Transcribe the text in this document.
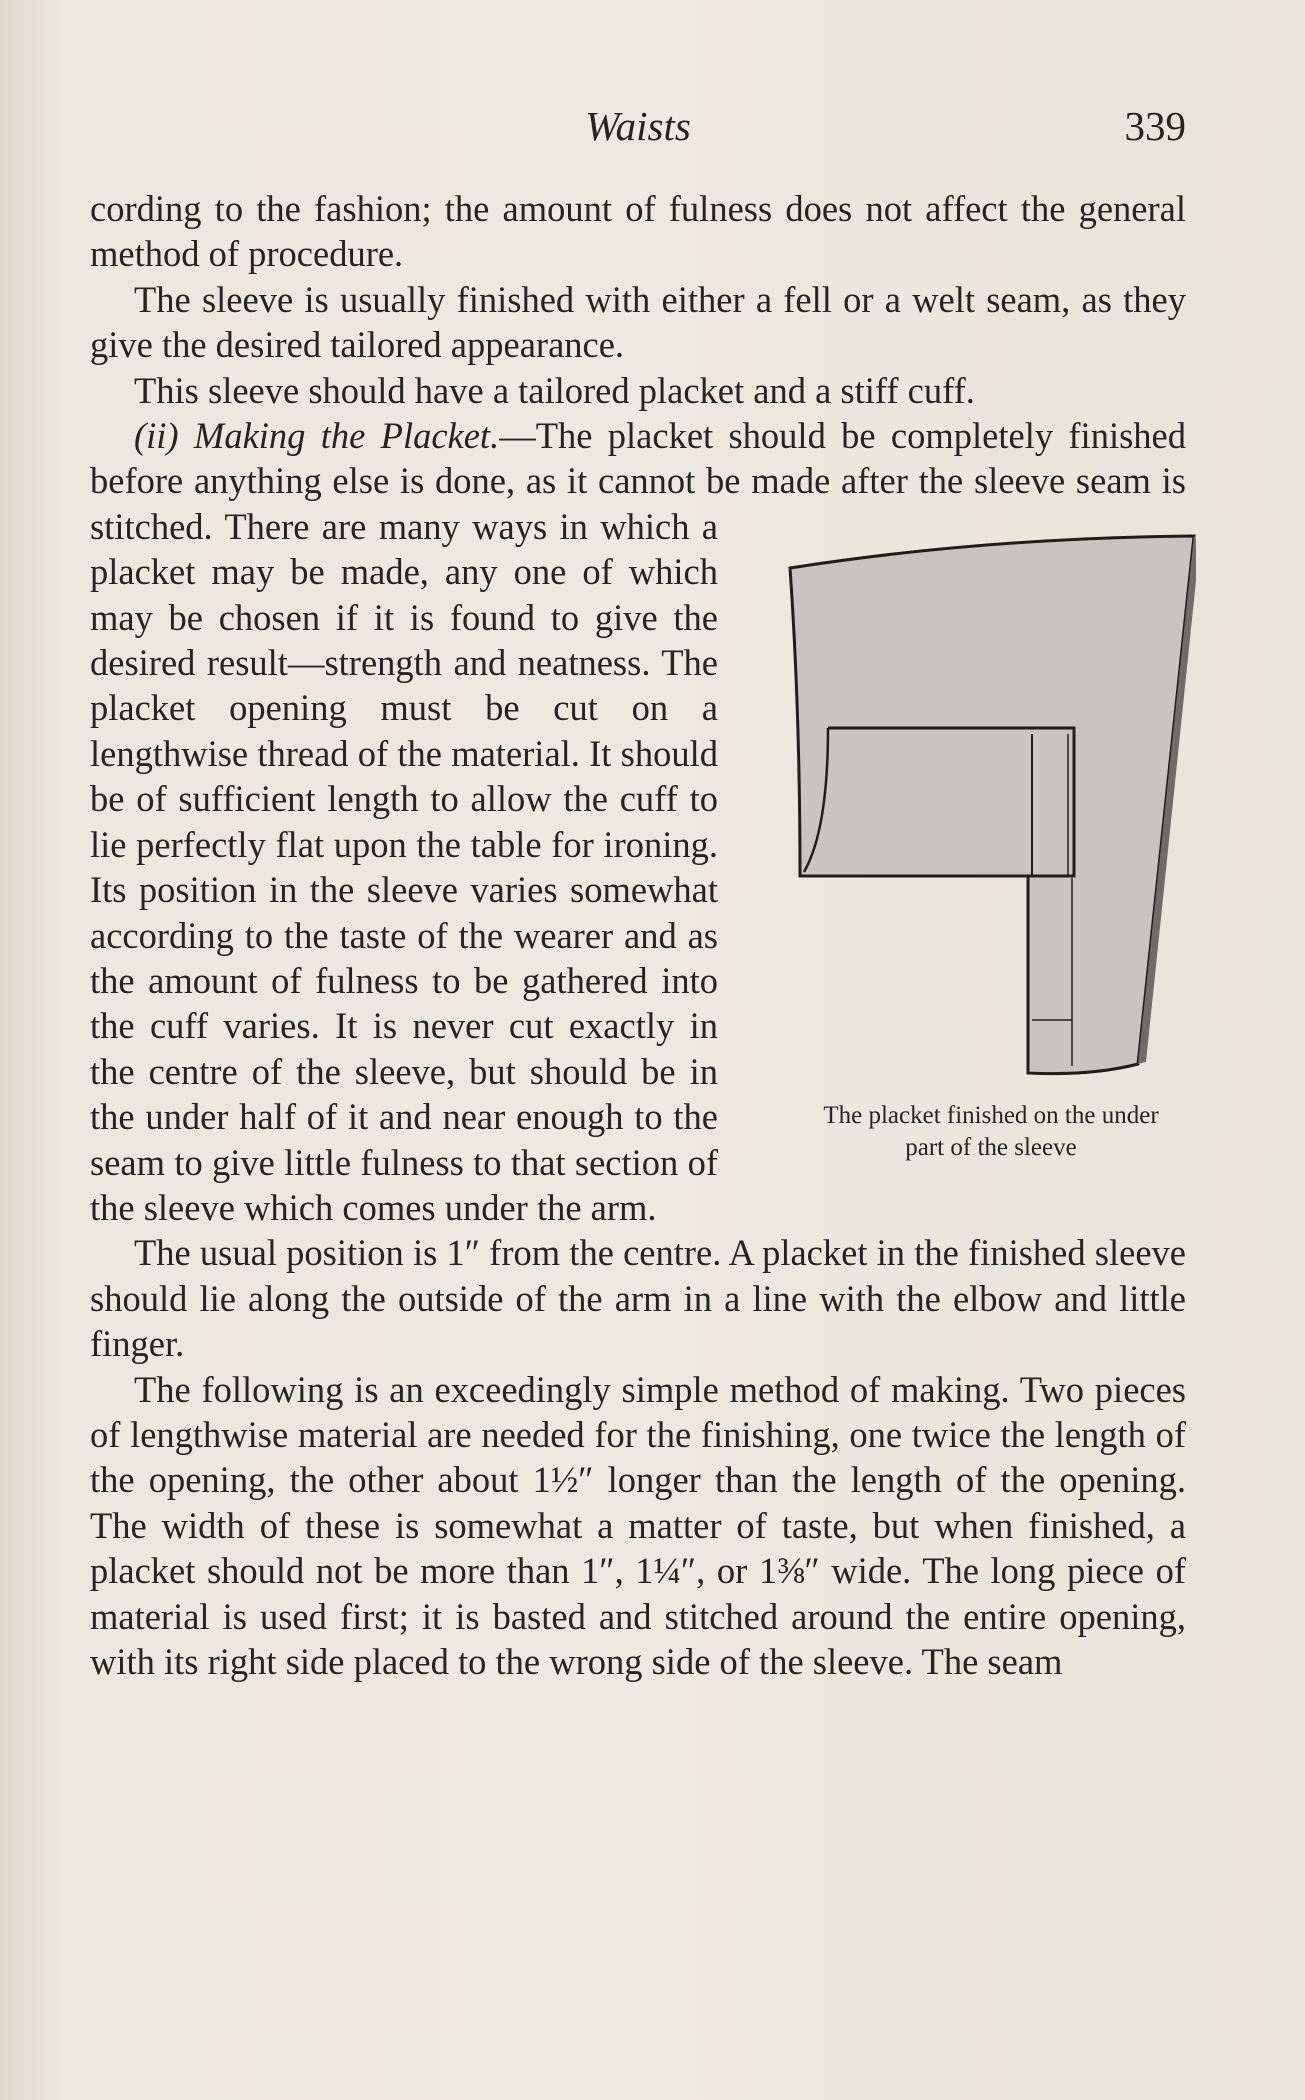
Waists	339

cording to the fashion; the amount of fulness does not affect the general method of procedure.

The sleeve is usually finished with either a fell or a welt seam, as they give the desired tailored appearance.

This sleeve should have a tailored placket and a stiff cuff.

(ii) Making the Placket.—The placket should be completely finished before anything else is done, as it cannot be made after the sleeve seam is stitched. There are many
The placket finished on the under
part of the sleeve
ways in which a placket may be made, any one of which may be chosen if it is found to give the desired result—strength and neatness. The placket opening must be cut on a lengthwise thread of the material. It should be of sufficient length to allow the cuff to lie perfectly flat upon the table for ironing. Its position in the sleeve varies somewhat according to the taste of the wearer and as the amount of fulness to be gathered into the cuff varies. It is never cut exactly in the centre of the sleeve, but should be in the under half of it and near enough to the seam to give little fulness to that section of the sleeve which comes under the arm.

The usual position is 1″ from the centre. A placket in the finished sleeve should lie along the outside of the arm in a line with the elbow and little finger.

The following is an exceedingly simple method of making. Two pieces of lengthwise material are needed for the finishing, one twice the length of the opening, the other about 1½″ longer than the length of the opening. The width of these is somewhat a matter of taste, but when finished, a placket should not be more than 1″, 1¼″, or 1⅜″ wide. The long piece of material is used first; it is basted and stitched around the entire opening, with its right side placed to the wrong side of the sleeve. The seam
